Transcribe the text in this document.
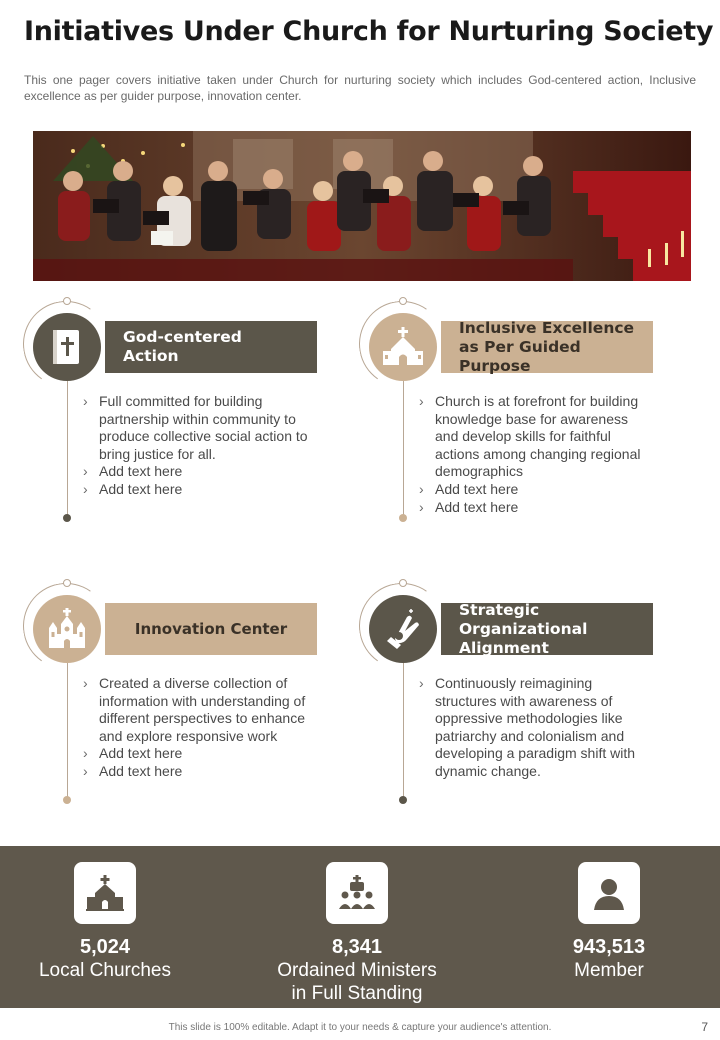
Initiatives Under Church for Nurturing Society

This one pager covers initiative taken under Church for nurturing society which includes God-centered action, Inclusive excellence as per guider purpose, innovation center.

God-centered
Action
› Full committed for building partnership within community to produce collective social action to bring justice for all.
› Add text here
› Add text here
Inclusive Excellence
as Per Guided Purpose
› Church is at forefront for building knowledge base for awareness and develop skills for faithful actions among changing regional demographics
› Add text here
› Add text here
Innovation Center
› Created a diverse collection of information with understanding of different perspectives to enhance and explore responsive work
› Add text here
› Add text here
Strategic Organizational
Alignment
› Continuously reimagining structures with awareness of oppressive methodologies like patriarchy and colonialism and developing a paradigm shift with dynamic change.
5,024
Local Churches
8,341
Ordained Ministers
in Full Standing
943,513
Member
This slide is 100% editable. Adapt it to your needs & capture your audience's attention.	7
